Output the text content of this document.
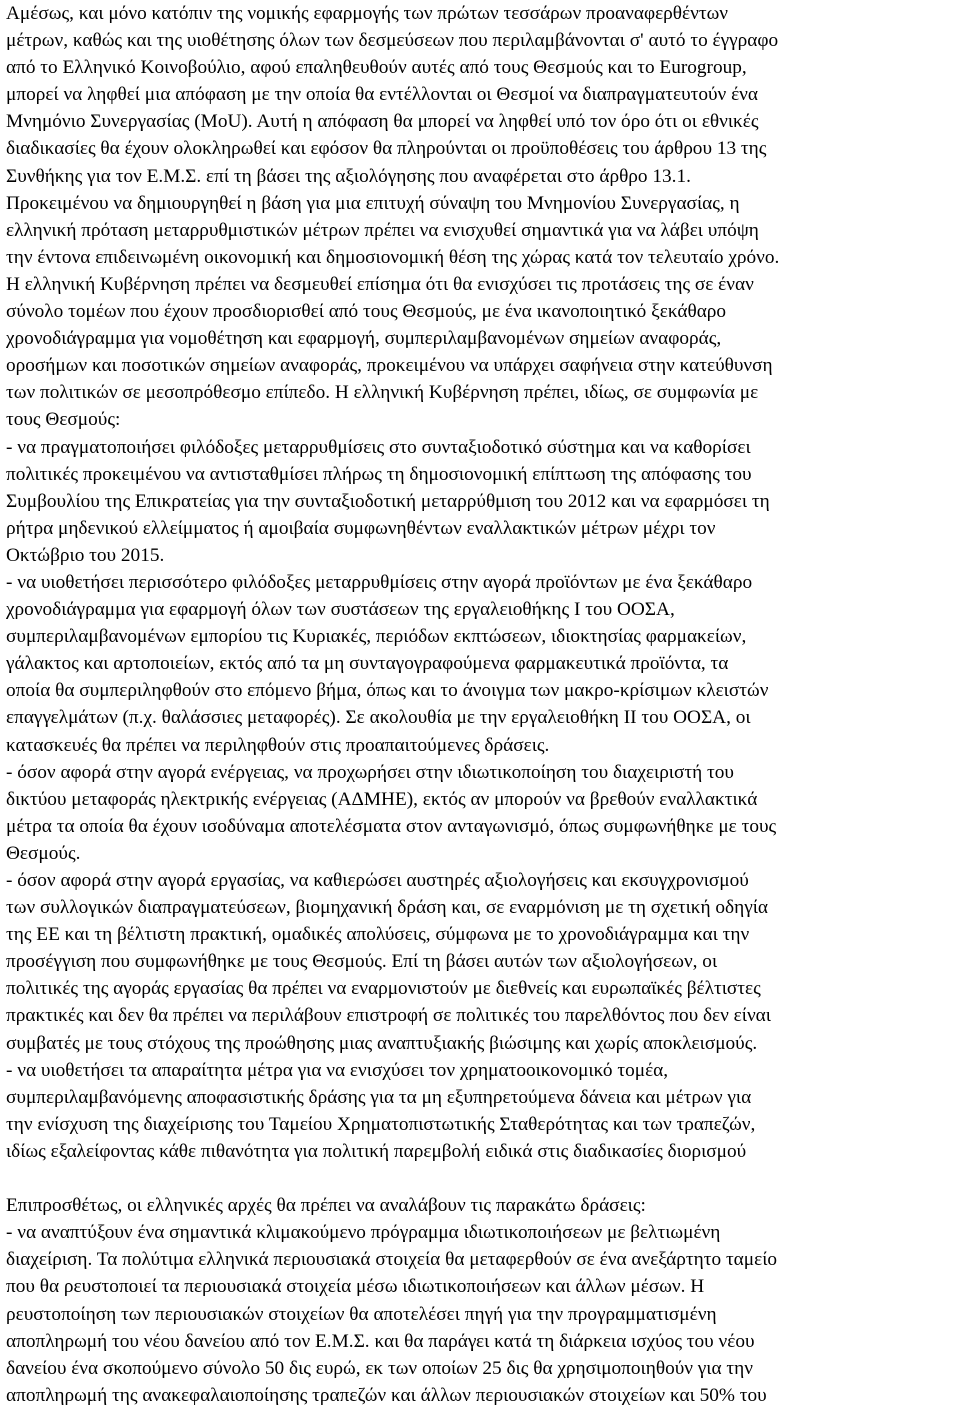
Αμέσως, και μόνο κατόπιν της νομικής εφαρμογής των πρώτων τεσσάρων προαναφερθέντων
μέτρων, καθώς και της υιοθέτησης όλων των δεσμεύσεων που περιλαμβάνονται σ' αυτό το έγγραφο
από το Ελληνικό Κοινοβούλιο, αφού επαληθευθούν αυτές από τους Θεσμούς και το Eurogroup,
μπορεί να ληφθεί μια απόφαση με την οποία θα εντέλλονται οι Θεσμοί να διαπραγματευτούν ένα
Μνημόνιο Συνεργασίας (MoU). Αυτή η απόφαση θα μπορεί να ληφθεί υπό τον όρο ότι οι εθνικές
διαδικασίες θα έχουν ολοκληρωθεί και εφόσον θα πληρούνται οι προϋποθέσεις του άρθρου 13 της
Συνθήκης για τον Ε.Μ.Σ. επί τη βάσει της αξιολόγησης που αναφέρεται στο άρθρο 13.1.
Προκειμένου να δημιουργηθεί η βάση για μια επιτυχή σύναψη του Μνημονίου Συνεργασίας, η
ελληνική πρόταση μεταρρυθμιστικών μέτρων πρέπει να ενισχυθεί σημαντικά για να λάβει υπόψη
την έντονα επιδεινωμένη οικονομική και δημοσιονομική θέση της χώρας κατά τον τελευταίο χρόνο.
Η ελληνική Κυβέρνηση πρέπει να δεσμευθεί επίσημα ότι θα ενισχύσει τις προτάσεις της σε έναν
σύνολο τομέων που έχουν προσδιορισθεί από τους Θεσμούς, με ένα ικανοποιητικό ξεκάθαρο
χρονοδιάγραμμα για νομοθέτηση και εφαρμογή, συμπεριλαμβανομένων σημείων αναφοράς,
οροσήμων και ποσοτικών σημείων αναφοράς, προκειμένου να υπάρχει σαφήνεια στην κατεύθυνση
των πολιτικών σε μεσοπρόθεσμο επίπεδο. Η ελληνική Κυβέρνηση πρέπει, ιδίως, σε συμφωνία με
τους Θεσμούς:
- να πραγματοποιήσει φιλόδοξες μεταρρυθμίσεις στο συνταξιοδοτικό σύστημα και να καθορίσει
πολιτικές προκειμένου να αντισταθμίσει πλήρως τη δημοσιονομική επίπτωση της απόφασης του
Συμβουλίου της Επικρατείας για την συνταξιοδοτική μεταρρύθμιση του 2012 και να εφαρμόσει τη
ρήτρα μηδενικού ελλείμματος ή αμοιβαία συμφωνηθέντων εναλλακτικών μέτρων μέχρι τον
Οκτώβριο του 2015.
- να υιοθετήσει περισσότερο φιλόδοξες μεταρρυθμίσεις στην αγορά προϊόντων με ένα ξεκάθαρο
χρονοδιάγραμμα για εφαρμογή όλων των συστάσεων της εργαλειοθήκης Ι του ΟΟΣΑ,
συμπεριλαμβανομένων εμπορίου τις Κυριακές, περιόδων εκπτώσεων, ιδιοκτησίας φαρμακείων,
γάλακτος και αρτοποιείων, εκτός από τα μη συνταγογραφούμενα φαρμακευτικά προϊόντα, τα
οποία θα συμπεριληφθούν στο επόμενο βήμα, όπως και το άνοιγμα των μακρο-κρίσιμων κλειστών
επαγγελμάτων (π.χ. θαλάσσιες μεταφορές). Σε ακολουθία με την εργαλειοθήκη ΙΙ του ΟΟΣΑ, οι
κατασκευές θα πρέπει να περιληφθούν στις προαπαιτούμενες δράσεις.
- όσον αφορά στην αγορά ενέργειας, να προχωρήσει στην ιδιωτικοποίηση του διαχειριστή του
δικτύου μεταφοράς ηλεκτρικής ενέργειας (ΑΔΜΗΕ), εκτός αν μπορούν να βρεθούν εναλλακτικά
μέτρα τα οποία θα έχουν ισοδύναμα αποτελέσματα στον ανταγωνισμό, όπως συμφωνήθηκε με τους
Θεσμούς.
- όσον αφορά στην αγορά εργασίας, να καθιερώσει αυστηρές αξιολογήσεις και εκσυγχρονισμού
των συλλογικών διαπραγματεύσεων, βιομηχανική δράση και, σε εναρμόνιση με τη σχετική οδηγία
της ΕΕ και τη βέλτιστη πρακτική, ομαδικές απολύσεις, σύμφωνα με το χρονοδιάγραμμα και την
προσέγγιση που συμφωνήθηκε με τους Θεσμούς. Επί τη βάσει αυτών των αξιολογήσεων, οι
πολιτικές της αγοράς εργασίας θα πρέπει να εναρμονιστούν με διεθνείς και ευρωπαϊκές βέλτιστες
πρακτικές και δεν θα πρέπει να περιλάβουν επιστροφή σε πολιτικές του παρελθόντος που δεν είναι
συμβατές με τους στόχους της προώθησης μιας αναπτυξιακής βιώσιμης και χωρίς αποκλεισμούς.
- να υιοθετήσει τα απαραίτητα μέτρα για να ενισχύσει τον χρηματοοικονομικό τομέα,
συμπεριλαμβανόμενης αποφασιστικής δράσης για τα μη εξυπηρετούμενα δάνεια και μέτρων για
την ενίσχυση της διαχείρισης του Ταμείου Χρηματοπιστωτικής Σταθερότητας και των τραπεζών,
ιδίως εξαλείφοντας κάθε πιθανότητα για πολιτική παρεμβολή ειδικά στις διαδικασίες διορισμού
Επιπροσθέτως, οι ελληνικές αρχές θα πρέπει να αναλάβουν τις παρακάτω δράσεις:
- να αναπτύξουν ένα σημαντικά κλιμακούμενο πρόγραμμα ιδιωτικοποιήσεων με βελτιωμένη
διαχείριση. Τα πολύτιμα ελληνικά περιουσιακά στοιχεία θα μεταφερθούν σε ένα ανεξάρτητο ταμείο
που θα ρευστοποιεί τα περιουσιακά στοιχεία μέσω ιδιωτικοποιήσεων και άλλων μέσων. Η
ρευστοποίηση των περιουσιακών στοιχείων θα αποτελέσει πηγή για την προγραμματισμένη
αποπληρωμή του νέου δανείου από τον Ε.Μ.Σ. και θα παράγει κατά τη διάρκεια ισχύος του νέου
δανείου ένα σκοπούμενο σύνολο 50 δις ευρώ, εκ των οποίων 25 δις θα χρησιμοποιηθούν για την
αποπληρωμή της ανακεφαλαιοποίησης τραπεζών και άλλων περιουσιακών στοιχείων και 50% του
